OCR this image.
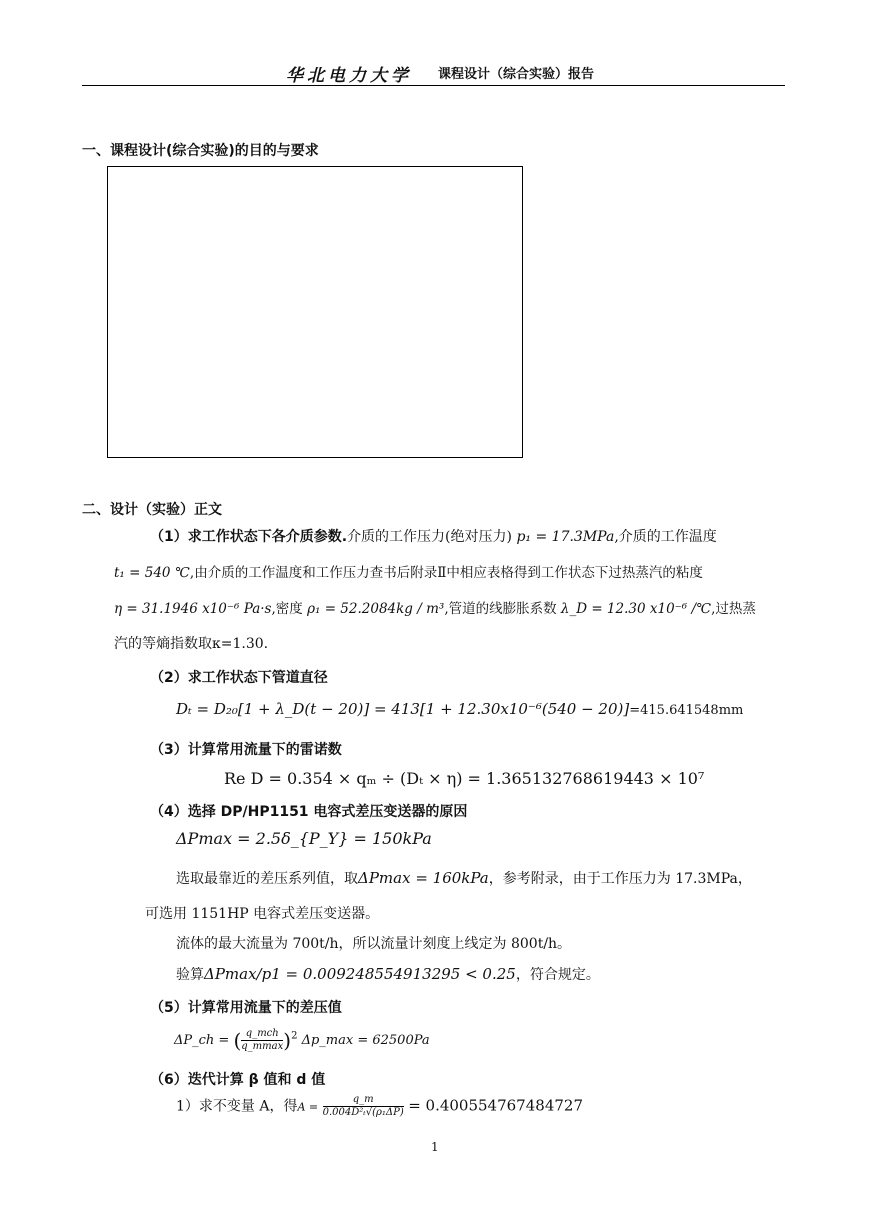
华北电力大学 课程设计（综合实验）报告
一、课程设计(综合实验)的目的与要求
二、设计（实验）正文
（1）求工作状态下各介质参数.介质的工作压力(绝对压力) p₁ = 17.3MPa,介质的工作温度
t₁ = 540 ℃,由介质的工作温度和工作压力查书后附录Ⅱ中相应表格得到工作状态下过热蒸汽的粘度
η = 31.1946 x10⁻⁶ Pa·s,密度 ρ₁ = 52.2084kg / m³,管道的线膨胀系数 λ_D = 12.30 x10⁻⁶ /℃,过热蒸
汽的等熵指数取κ=1.30.
（2）求工作状态下管道直径
Dₜ = D₂₀[1 + λ_D(t − 20)] = 413[1 + 12.30x10⁻⁶(540 − 20)]=415.641548mm
（3）计算常用流量下的雷诺数
Re D = 0.354 × qₘ ÷ (Dₜ × η) = 1.365132768619443 × 10⁷
（4）选择 DP/HP1151 电容式差压变送器的原因
ΔPmax = 2.5δ_{P_Y} = 150kPa
选取最靠近的差压系列值，取ΔPmax = 160kPa，参考附录，由于工作压力为 17.3MPa，
可选用 1151HP 电容式差压变送器。
流体的最大流量为 700t/h，所以流量计刻度上线定为 800t/h。
验算ΔPmax/p1 = 0.009248554913295 < 0.25，符合规定。
（5）计算常用流量下的差压值
ΔP_ch = ( $\frac{\text{q\_mch}}{q\_mmax} )^2$ Δp_max = 62500Pa
（6）迭代计算 β 值和 d 值
1）求不变量 A，得$A = \frac{q\_m}{\text{0.004D²ₜ√(ρ₁ΔP)}} = 0.400554767484727$
1
